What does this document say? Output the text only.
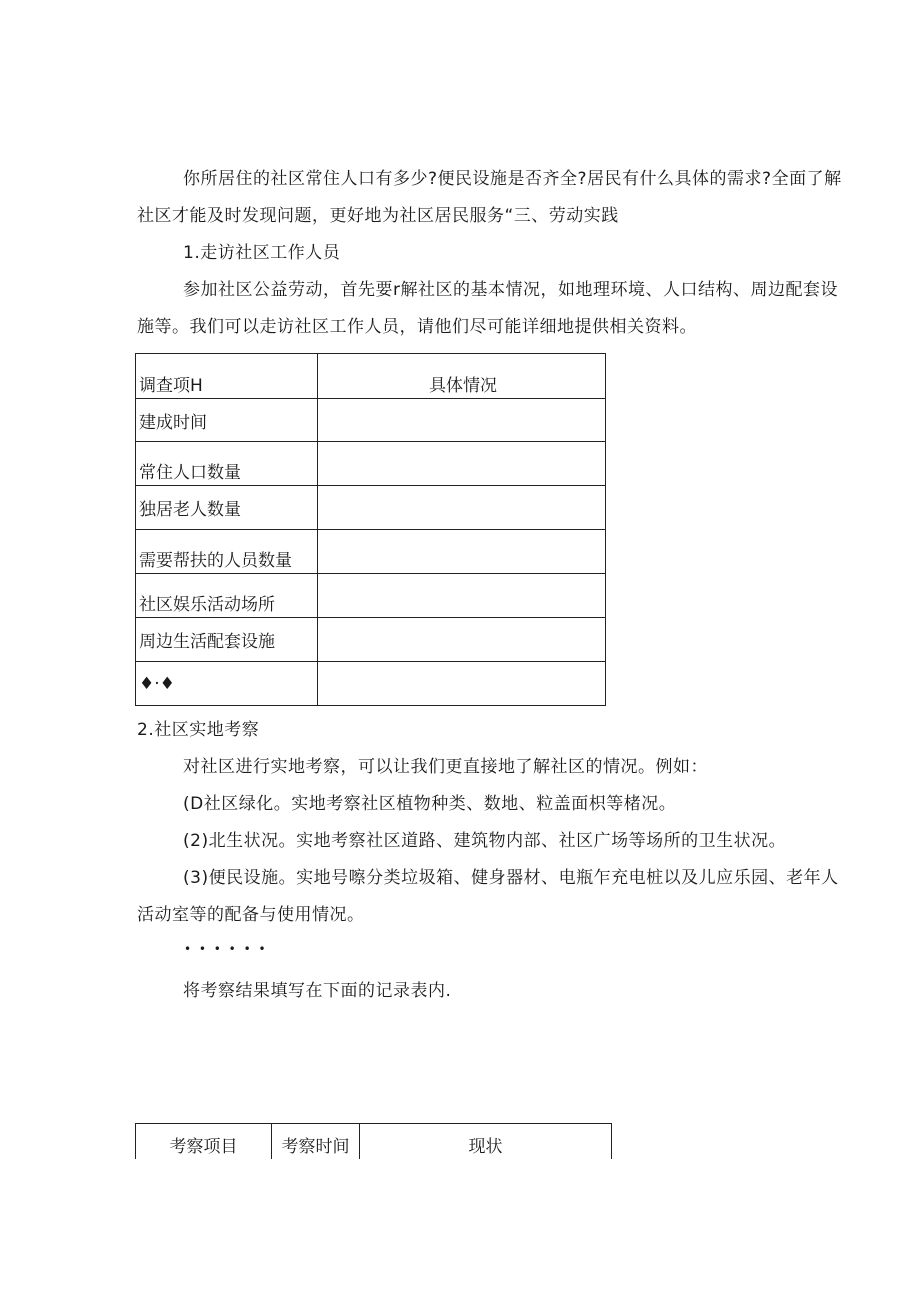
你所居住的社区常住人口有多少?便民设施是否齐全?居民有什么具体的需求?全面了解
社区才能及时发现问题，更好地为社区居民服务“三、劳动实践
1.走访社区工作人员
参加社区公益劳动，首先要r解社区的基本情况，如地理环境、人口结构、周边配套设
施等。我们可以走访社区工作人员，请他们尽可能详细地提供相关资料。
调查项H	具体情况
建成时间	
常住人口数量	
独居老人数量	
需要帮扶的人员数量	
社区娱乐活动场所	
周边生活配套设施	
♦·♦	
2.社区实地考察
对社区进行实地考察，可以让我们更直接地了解社区的情况。例如：
(D社区绿化。实地考察社区植物种类、数地、粒盖面枳等楮况。
(2)北生状况。实地考察社区道路、建筑物内部、社区广场等场所的卫生状况。
(3)便民设施。实地号嚓分类垃圾箱、健身器材、电瓶乍充电桩以及儿应乐园、老年人
活动室等的配备与使用情况。
• • • • • •
将考察结果填写在下面的记录表内.
考察项目	考察时间	现状
